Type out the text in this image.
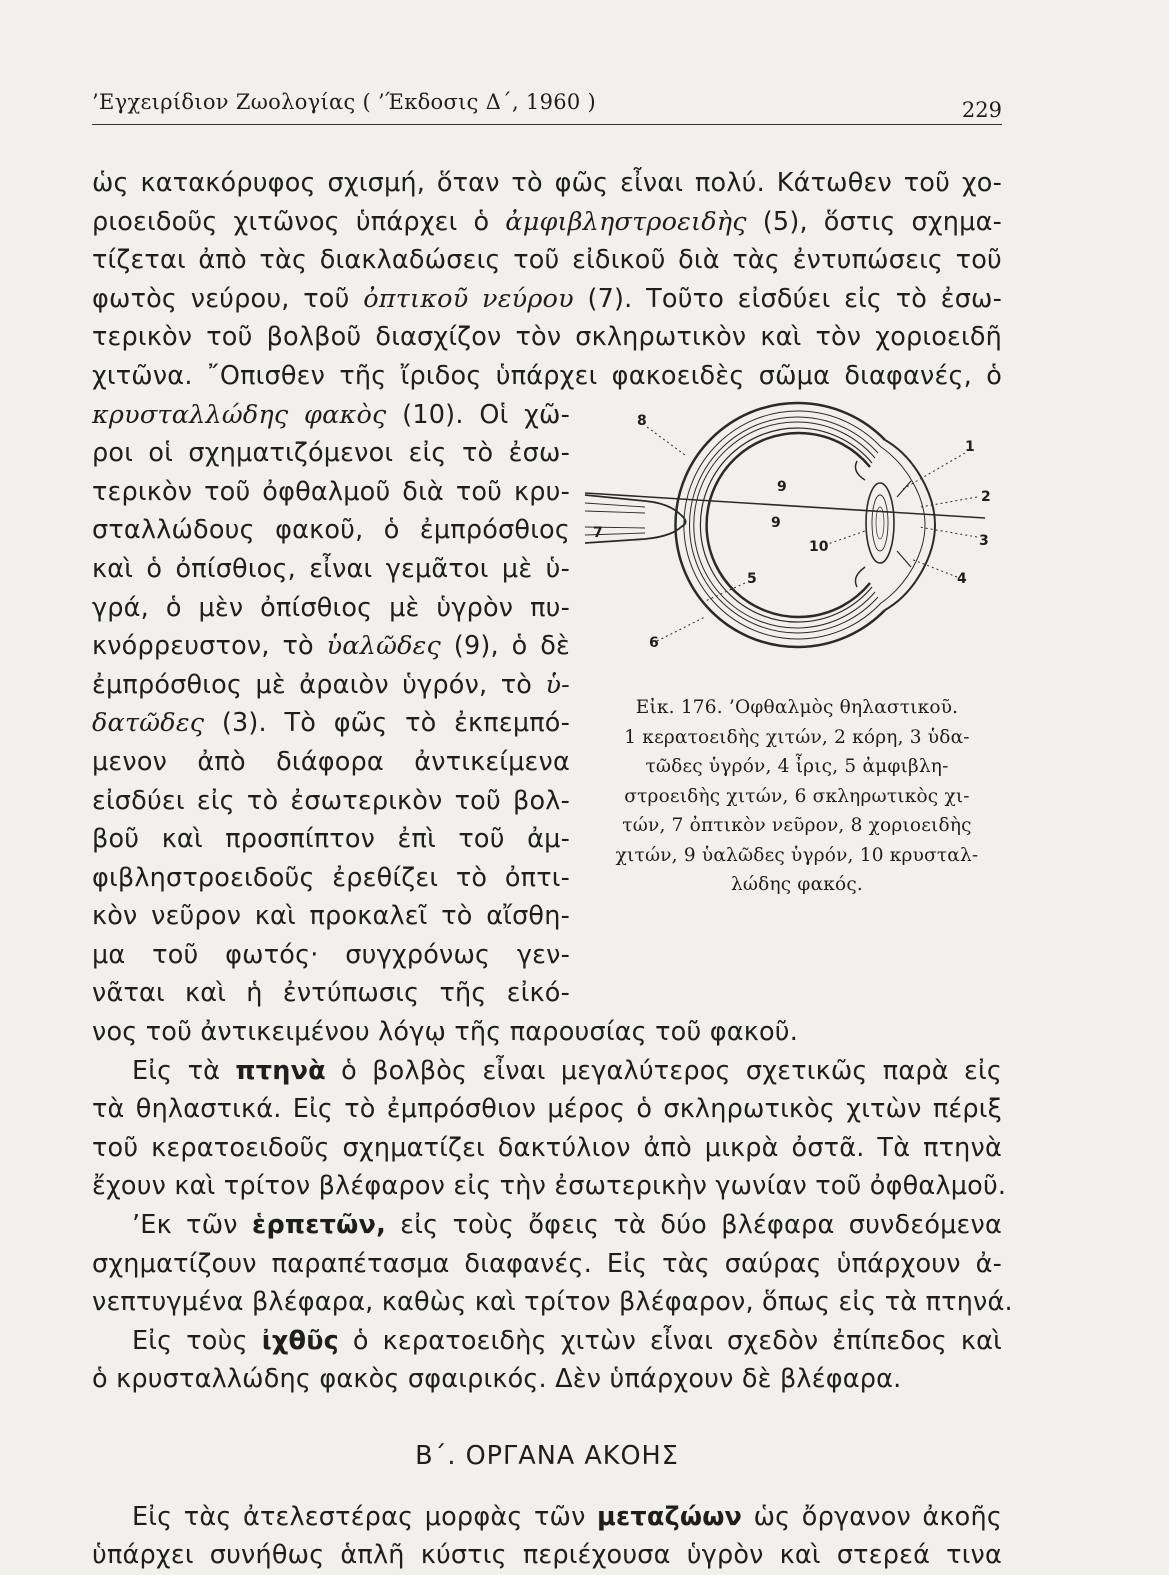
’Εγχειρίδιον Ζωολογίας ( ’Έκδοσις Δ΄, 1960 )	229
ὡς κατακόρυφος σχισμή, ὅταν τὸ φῶς εἶναι πολύ. Κάτωθεν τοῦ χο-
ριοειδοῦς χιτῶνος ὑπάρχει ὁ ἀμφιβληστροειδὴς (5), ὅστις σχημα-
τίζεται ἀπὸ τὰς διακλαδώσεις τοῦ εἰδικοῦ διὰ τὰς ἐντυπώσεις τοῦ
φωτὸς νεύρου, τοῦ ὀπτικοῦ νεύρου (7). Τοῦτο εἰσδύει εἰς τὸ ἐσω-
τερικὸν τοῦ βολβοῦ διασχίζον τὸν σκληρωτικὸν καὶ τὸν χοριοειδῆ
χιτῶνα. ῎Οπισθεν τῆς ἴριδος ὑπάρχει φακοειδὲς σῶμα διαφανές, ὁ
κρυσταλλώδης φακὸς (10). Οἱ χῶ-
ροι οἱ σχηματιζόμενοι εἰς τὸ ἐσω-
τερικὸν τοῦ ὀφθαλμοῦ διὰ τοῦ κρυ-
σταλλώδους φακοῦ, ὁ ἐμπρόσθιος
καὶ ὁ ὀπίσθιος, εἶναι γεμᾶτοι μὲ ὑ-
γρά, ὁ μὲν ὀπίσθιος μὲ ὑγρὸν πυ-
κνόρρευστον, τὸ ὑαλῶδες (9), ὁ δὲ
ἐμπρόσθιος μὲ ἀραιὸν ὑγρόν, τὸ ὑ-
δατῶδες (3). Τὸ φῶς τὸ ἐκπεμπό-
μενον ἀπὸ διάφορα ἀντικείμενα
εἰσδύει εἰς τὸ ἐσωτερικὸν τοῦ βολ-
βοῦ καὶ προσπίπτον ἐπὶ τοῦ ἀμ-
φιβληστροειδοῦς ἐρεθίζει τὸ ὀπτι-
κὸν νεῦρον καὶ προκαλεῖ τὸ αἴσθη-
μα τοῦ φωτός· συγχρόνως γεν-
νᾶται καὶ ἡ ἐντύπωσις τῆς εἰκό-
νος τοῦ ἀντικειμένου λόγῳ τῆς παρουσίας τοῦ φακοῦ.
Εἰς τὰ πτηνὰ ὁ βολβὸς εἶναι μεγαλύτερος σχετικῶς παρὰ εἰς
τὰ θηλαστικά. Εἰς τὸ ἐμπρόσθιον μέρος ὁ σκληρωτικὸς χιτὼν πέριξ
τοῦ κερατοειδοῦς σχηματίζει δακτύλιον ἀπὸ μικρὰ ὀστᾶ. Τὰ πτηνὰ
ἔχουν καὶ τρίτον βλέφαρον εἰς τὴν ἐσωτερικὴν γωνίαν τοῦ ὀφθαλμοῦ.
’Εκ τῶν ἑρπετῶν, εἰς τοὺς ὄφεις τὰ δύο βλέφαρα συνδεόμενα
σχηματίζουν παραπέτασμα διαφανές. Εἰς τὰς σαύρας ὑπάρχουν ἀ-
νεπτυγμένα βλέφαρα, καθὼς καὶ τρίτον βλέφαρον, ὅπως εἰς τὰ πτηνά.
Εἰς τοὺς ἰχθῦς ὁ κερατοειδὴς χιτὼν εἶναι σχεδὸν ἐπίπεδος καὶ
ὁ κρυσταλλώδης φακὸς σφαιρικός. Δὲν ὑπάρχουν δὲ βλέφαρα.
Β΄. ΟΡΓΑΝΑ ΑΚΟΗΣ
Εἰς τὰς ἀτελεστέρας μορφὰς τῶν μεταζώων ὡς ὄργανον ἀκοῆς
ὑπάρχει συνήθως ἁπλῆ κύστις περιέχουσα ὑγρὸν καὶ στερεά τινα
8
1
2
3
4
5
6
7
9
9
10
Εἰκ. 176. ’Οφθαλμὸς θηλαστικοῦ.
1 κερατοειδὴς χιτών, 2 κόρη, 3 ὑδα-
τῶδες ὑγρόν, 4 ἶρις, 5 ἀμφιβλη-
στροειδὴς χιτών, 6 σκληρωτικὸς χι-
τών, 7 ὀπτικὸν νεῦρον, 8 χοριοειδὴς
χιτών, 9 ὑαλῶδες ὑγρόν, 10 κρυσταλ-
λώδης φακός.
